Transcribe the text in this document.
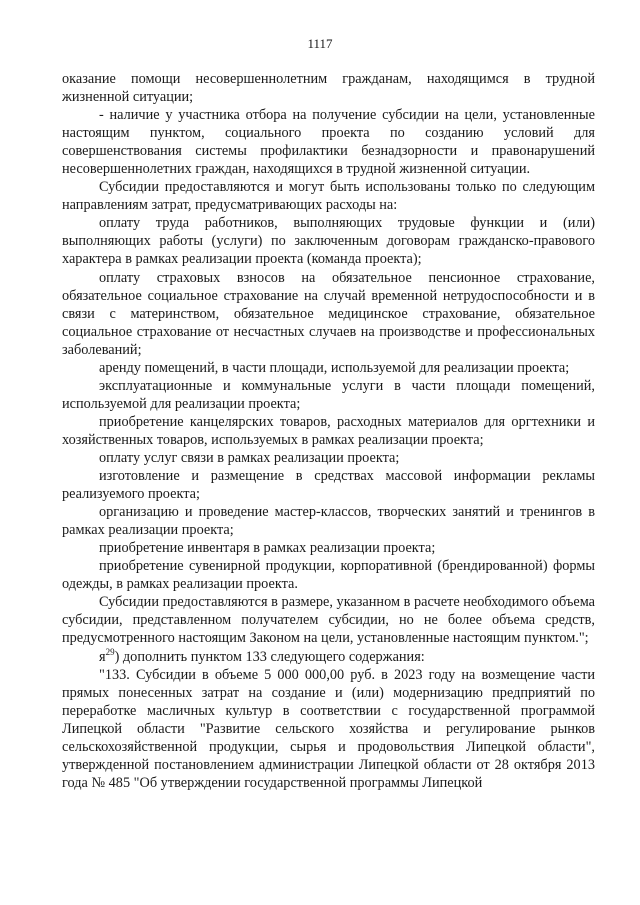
1117

оказание помощи несовершеннолетним гражданам, находящимся в трудной жизненной ситуации;

- наличие у участника отбора на получение субсидии на цели, установленные настоящим пунктом, социального проекта по созданию условий для совершенствования системы профилактики безнадзорности и правонарушений несовершеннолетних граждан, находящихся в трудной жизненной ситуации.

Субсидии предоставляются и могут быть использованы только по следующим направлениям затрат, предусматривающих расходы на:

оплату труда работников, выполняющих трудовые функции и (или) выполняющих работы (услуги) по заключенным договорам гражданско-правового характера в рамках реализации проекта (команда проекта);

оплату страховых взносов на обязательное пенсионное страхование, обязательное социальное страхование на случай временной нетрудоспособности и в связи с материнством, обязательное медицинское страхование, обязательное социальное страхование от несчастных случаев на производстве и профессиональных заболеваний;

аренду помещений, в части площади, используемой для реализации проекта;

эксплуатационные и коммунальные услуги в части площади помещений, используемой для реализации проекта;

приобретение канцелярских товаров, расходных материалов для оргтехники и хозяйственных товаров, используемых в рамках реализации проекта;

оплату услуг связи в рамках реализации проекта;

изготовление и размещение в средствах массовой информации рекламы реализуемого проекта;

организацию и проведение мастер-классов, творческих занятий и тренингов в рамках реализации проекта;

приобретение инвентаря в рамках реализации проекта;

приобретение сувенирной продукции, корпоративной (брендированной) формы одежды, в рамках реализации проекта.

Субсидии предоставляются в размере, указанном в расчете необходимого объема субсидии, представленном получателем субсидии, но не более объема средств, предусмотренного настоящим Законом на цели, установленные настоящим пунктом.";

$я^{29}$) дополнить пунктом 133 следующего содержания:

"133. Субсидии в объеме 5 000 000,00 руб. в 2023 году на возмещение части прямых понесенных затрат на создание и (или) модернизацию предприятий по переработке масличных культур в соответствии с государственной программой Липецкой области "Развитие сельского хозяйства и регулирование рынков сельскохозяйственной продукции, сырья и продовольствия Липецкой области", утвержденной постановлением администрации Липецкой области от 28 октября 2013 года № 485 "Об утверждении государственной программы Липецкой
